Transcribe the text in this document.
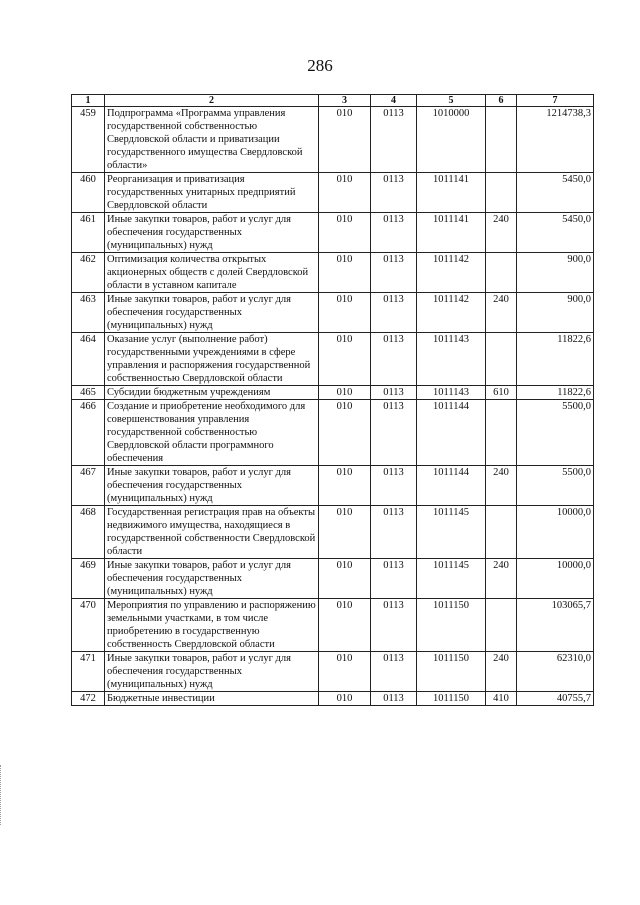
286
1	2	3	4	5	6	7
459	Подпрограмма «Программа управления государственной собственностью Свердловской области и приватизации государственного имущества Свердловской области»	010	0113	1010000		1214738,3
460	Реорганизация и приватизация государственных унитарных предприятий Свердловской области	010	0113	1011141		5450,0
461	Иные закупки товаров, работ и услуг для обеспечения государственных (муниципальных) нужд	010	0113	1011141	240	5450,0
462	Оптимизация количества открытых акционерных обществ с долей Свердловской области в уставном капитале	010	0113	1011142		900,0
463	Иные закупки товаров, работ и услуг для обеспечения государственных (муниципальных) нужд	010	0113	1011142	240	900,0
464	Оказание услуг (выполнение работ) государственными учреждениями в сфере управления и распоряжения государственной собственностью Свердловской области	010	0113	1011143		11822,6
465	Субсидии бюджетным учреждениям	010	0113	1011143	610	11822,6
466	Создание и приобретение необходимого для совершенствования управления государственной собственностью Свердловской области программного обеспечения	010	0113	1011144		5500,0
467	Иные закупки товаров, работ и услуг для обеспечения государственных (муниципальных) нужд	010	0113	1011144	240	5500,0
468	Государственная регистрация прав на объекты недвижимого имущества, находящиеся в государственной собственности Свердловской области	010	0113	1011145		10000,0
469	Иные закупки товаров, работ и услуг для обеспечения государственных (муниципальных) нужд	010	0113	1011145	240	10000,0
470	Мероприятия по управлению и распоряжению земельными участками, в том числе приобретению в государственную собственность Свердловской области	010	0113	1011150		103065,7
471	Иные закупки товаров, работ и услуг для обеспечения государственных (муниципальных) нужд	010	0113	1011150	240	62310,0
472	Бюджетные инвестиции	010	0113	1011150	410	40755,7
